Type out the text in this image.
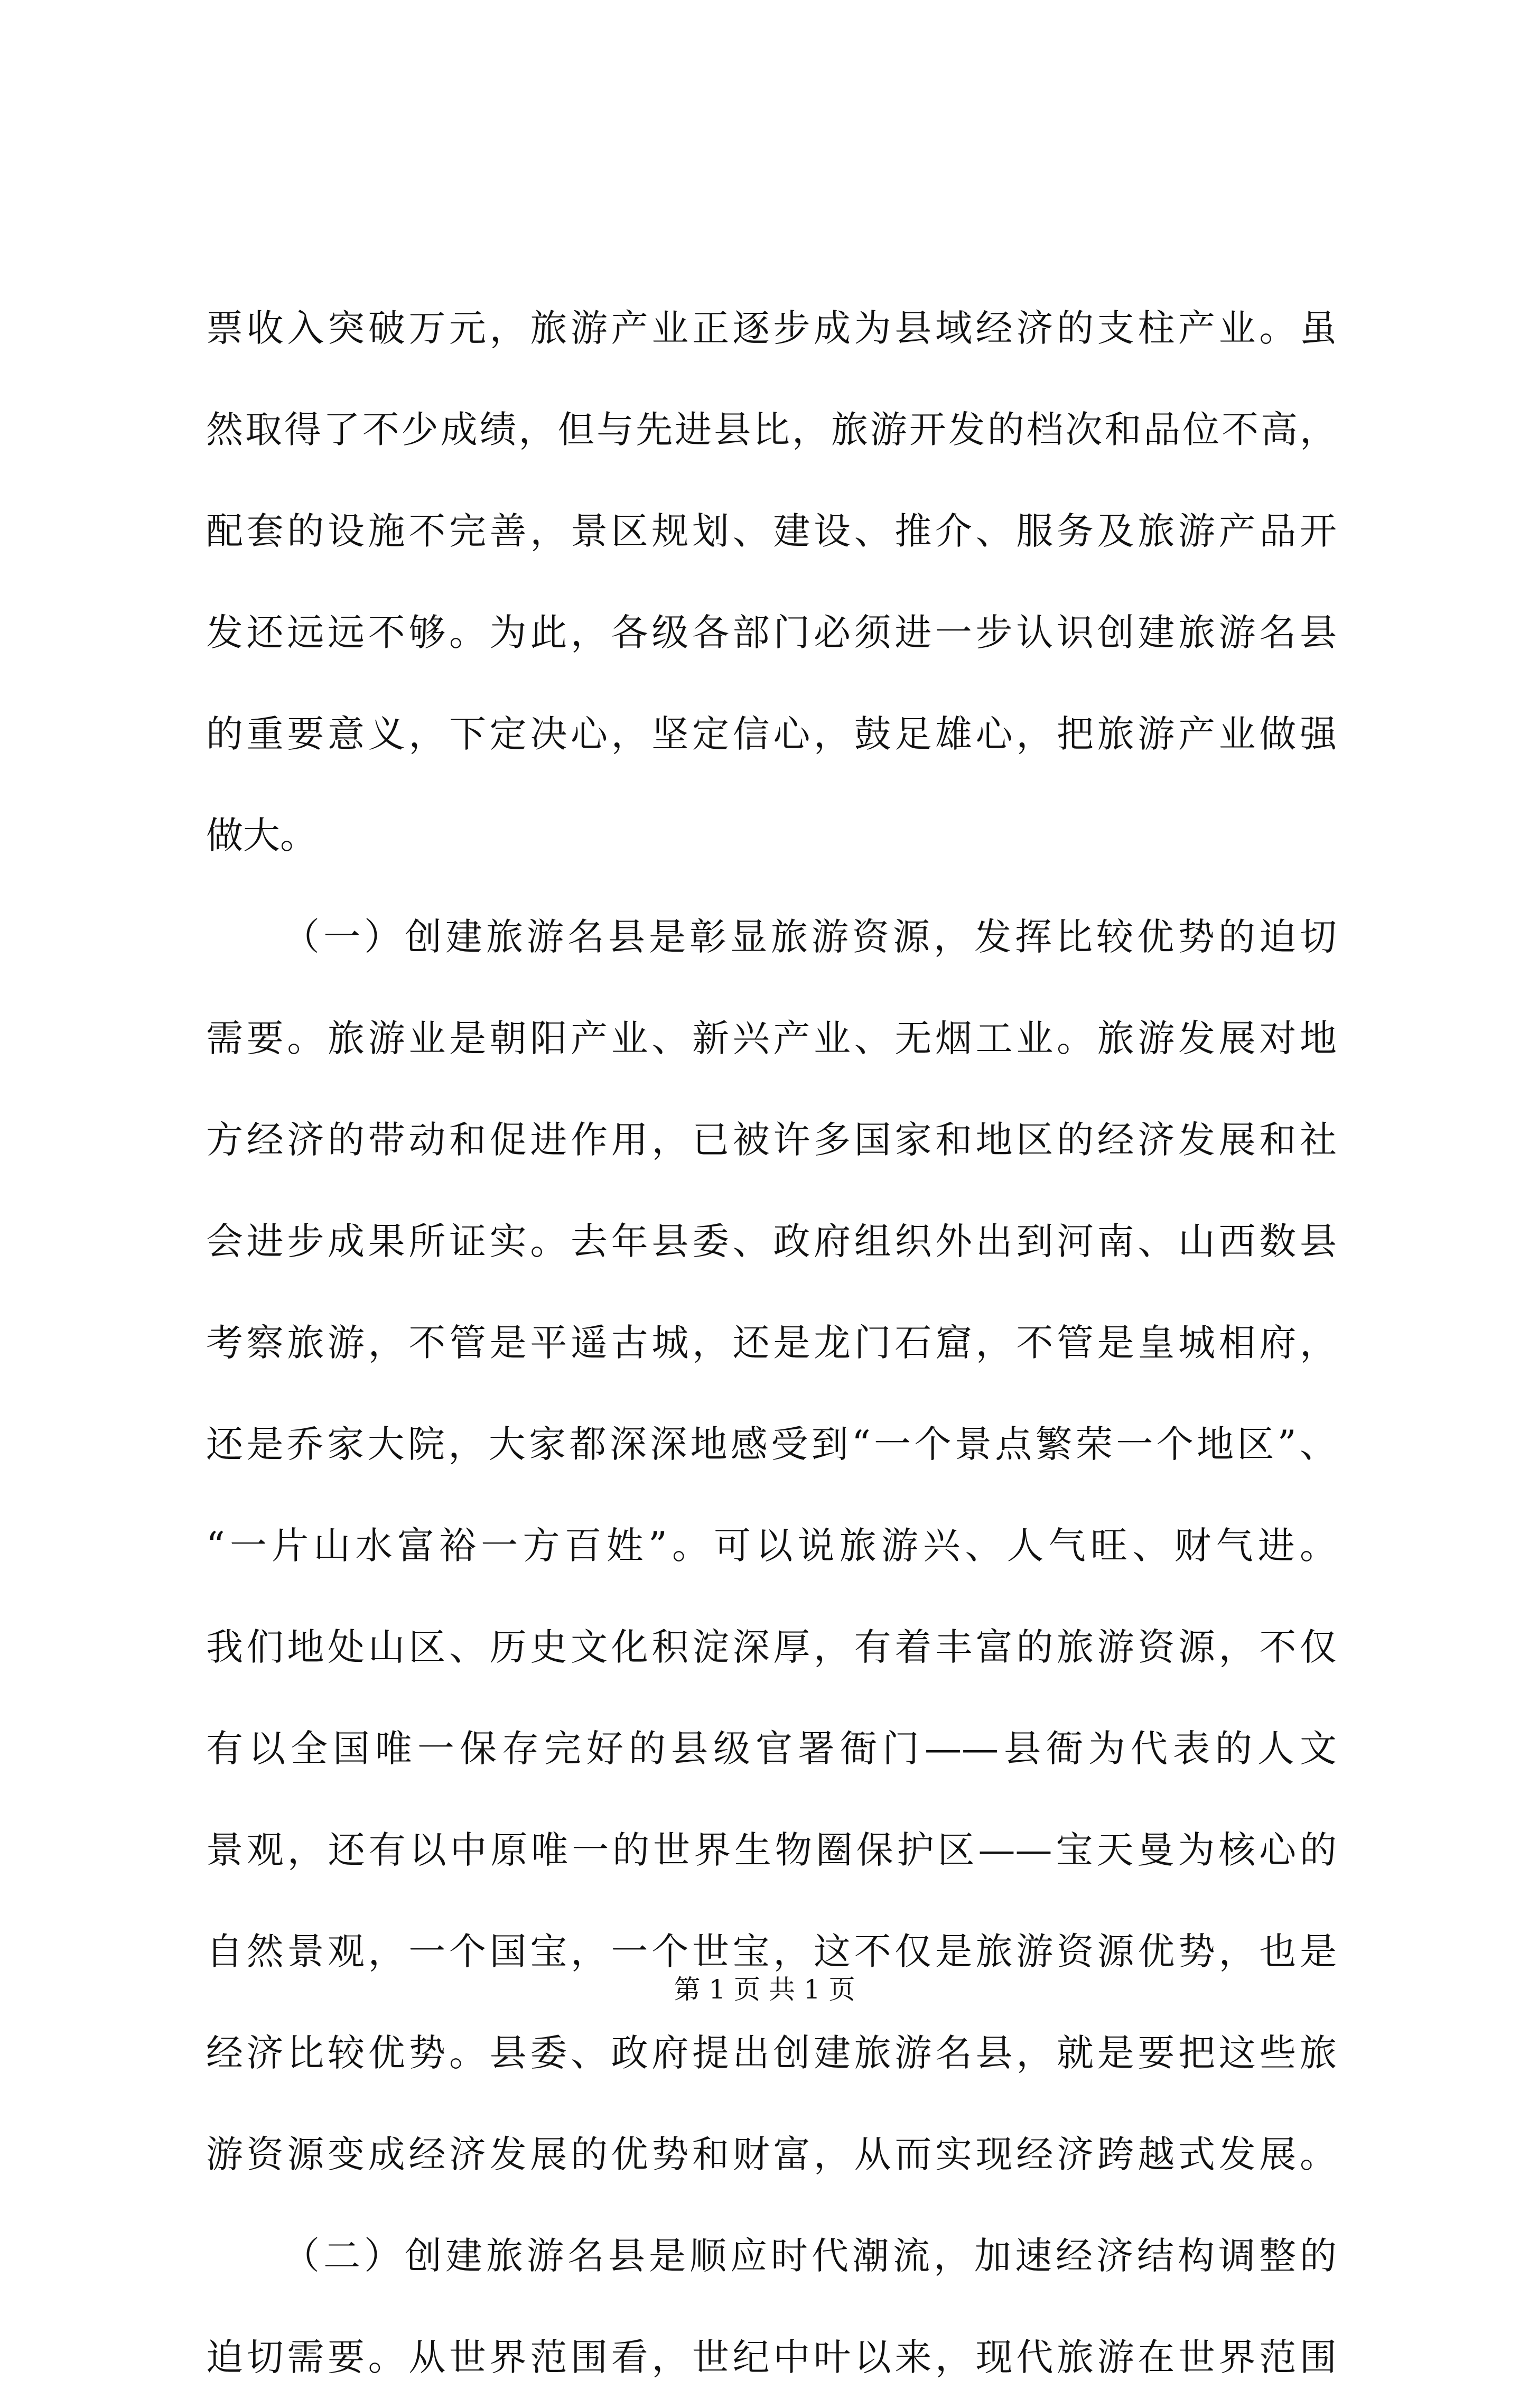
票收入突破万元，旅游产业正逐步成为县域经济的支柱产业。虽
然取得了不少成绩，但与先进县比，旅游开发的档次和品位不高，
配套的设施不完善，景区规划、建设、推介、服务及旅游产品开
发还远远不够。为此，各级各部门必须进一步认识创建旅游名县
的重要意义，下定决心，坚定信心，鼓足雄心，把旅游产业做强
做大。
（一）创建旅游名县是彰显旅游资源，发挥比较优势的迫切
需要。旅游业是朝阳产业、新兴产业、无烟工业。旅游发展对地
方经济的带动和促进作用，已被许多国家和地区的经济发展和社
会进步成果所证实。去年县委、政府组织外出到河南、山西数县
考察旅游，不管是平遥古城，还是龙门石窟，不管是皇城相府，
还是乔家大院，大家都深深地感受到“一个景点繁荣一个地区”、
“一片山水富裕一方百姓”。可以说旅游兴、人气旺、财气进。
我们地处山区、历史文化积淀深厚，有着丰富的旅游资源，不仅
有以全国唯一保存完好的县级官署衙门——县衙为代表的人文
景观，还有以中原唯一的世界生物圈保护区——宝天曼为核心的
自然景观，一个国宝，一个世宝，这不仅是旅游资源优势，也是
经济比较优势。县委、政府提出创建旅游名县，就是要把这些旅
游资源变成经济发展的优势和财富，从而实现经济跨越式发展。
（二）创建旅游名县是顺应时代潮流，加速经济结构调整的
迫切需要。从世界范围看，世纪中叶以来，现代旅游在世界范围
第 1 页 共 1 页
